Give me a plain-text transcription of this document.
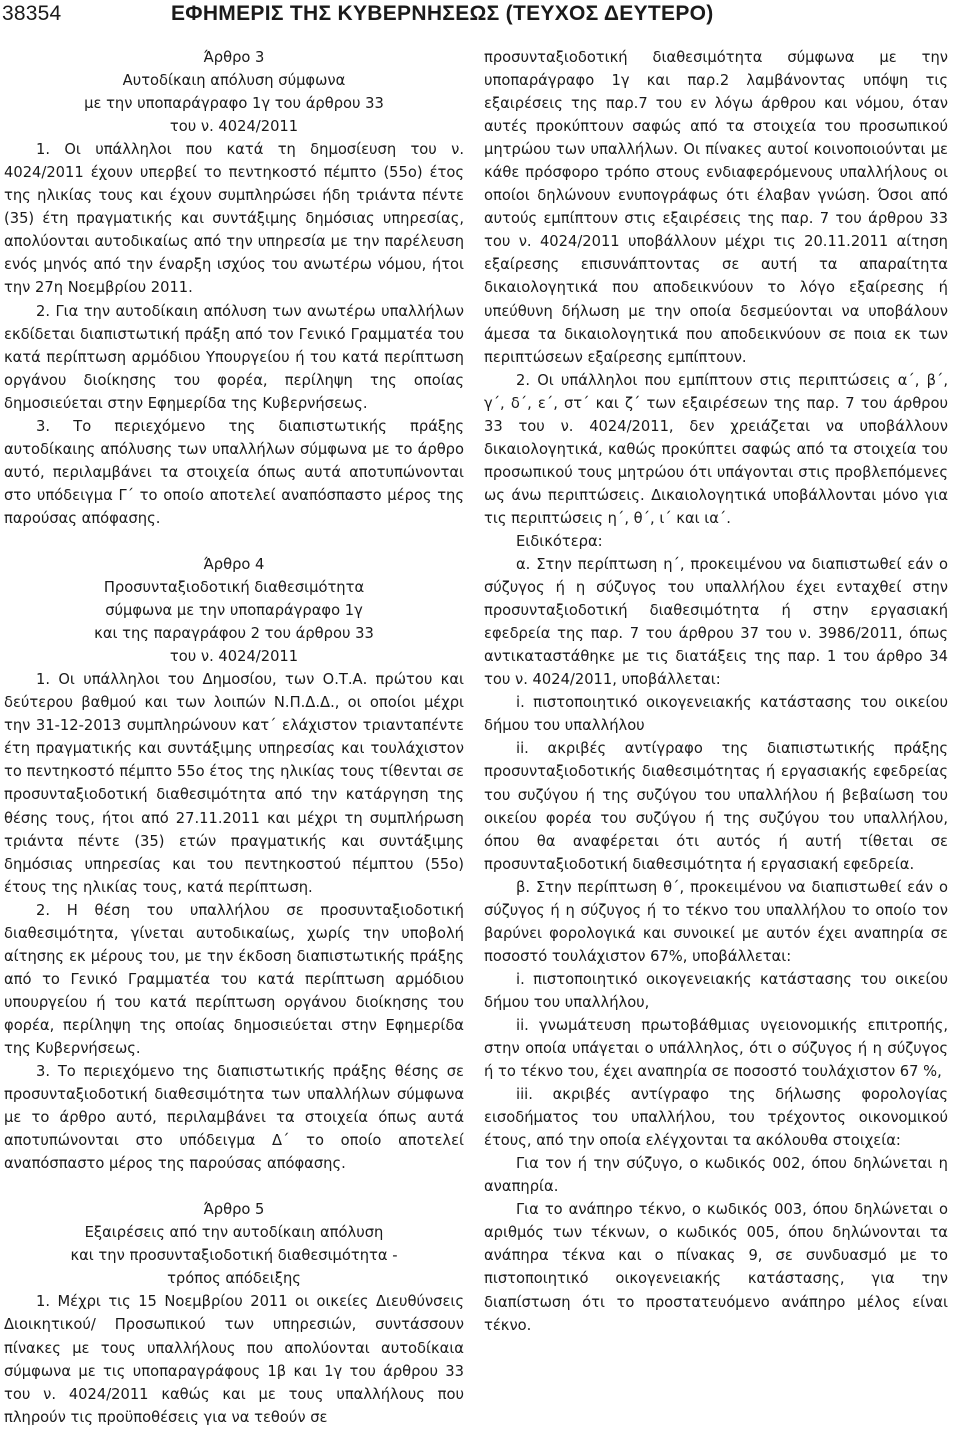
38354	ΕΦΗΜΕΡΙΣ ΤΗΣ ΚΥΒΕΡΝΗΣΕΩΣ (ΤΕΥΧΟΣ ΔΕΥΤΕΡΟ)

Άρθρο 3

Αυτοδίκαιη απόλυση σύμφωνα

με την υποπαράγραφο 1γ του άρθρου 33

του ν. 4024/2011

1. Οι υπάλληλοι που κατά τη δημοσίευση του ν. 4024/2011 έχουν υπερβεί το πεντηκοστό πέμπτο (55ο) έτος της ηλικίας τους και έχουν συμπληρώσει ήδη τριάντα πέντε (35) έτη πραγματικής και συντάξιμης δημόσιας υπηρεσίας, απολύονται αυτοδικαίως από την υπηρεσία με την παρέλευση ενός μηνός από την έναρξη ισχύος του ανωτέρω νόμου, ήτοι την 27η Νοεμβρίου 2011.

2. Για την αυτοδίκαιη απόλυση των ανωτέρω υπαλλήλων εκδίδεται διαπιστωτική πράξη από τον Γενικό Γραμματέα του κατά περίπτωση αρμόδιου Υπουργείου ή του κατά περίπτωση οργάνου διοίκησης του φορέα, περίληψη της οποίας δημοσιεύεται στην Εφημερίδα της Κυβερνήσεως.

3. Το περιεχόμενο της διαπιστωτικής πράξης αυτοδίκαιης απόλυσης των υπαλλήλων σύμφωνα με το άρθρο αυτό, περιλαμβάνει τα στοιχεία όπως αυτά αποτυπώνονται στο υπόδειγμα Γ΄ το οποίο αποτελεί αναπόσπαστο μέρος της παρούσας απόφασης.

Άρθρο 4

Προσυνταξιοδοτική διαθεσιμότητα

σύμφωνα με την υποπαράγραφο 1γ

και της παραγράφου 2 του άρθρου 33

του ν. 4024/2011

1. Οι υπάλληλοι του Δημοσίου, των Ο.Τ.Α. πρώτου και δεύτερου βαθμού και των λοιπών Ν.Π.Δ.Δ., οι οποίοι μέχρι την 31-12-2013 συμπληρώνουν κατ΄ ελάχιστον τριανταπέντε έτη πραγματικής και συντάξιμης υπηρεσίας και τουλάχιστον το πεντηκοστό πέμπτο 55ο έτος της ηλικίας τους τίθενται σε προσυνταξιοδοτική διαθεσιμότητα από την κατάργηση της θέσης τους, ήτοι από 27.11.2011 και μέχρι τη συμπλήρωση τριάντα πέντε (35) ετών πραγματικής και συντάξιμης δημόσιας υπηρεσίας και του πεντηκοστού πέμπτου (55ο) έτους της ηλικίας τους, κατά περίπτωση.

2. Η θέση του υπαλλήλου σε προσυνταξιοδοτική διαθεσιμότητα, γίνεται αυτοδικαίως, χωρίς την υποβολή αίτησης εκ μέρους του, με την έκδοση διαπιστωτικής πράξης από το Γενικό Γραμματέα του κατά περίπτωση αρμόδιου υπουργείου ή του κατά περίπτωση οργάνου διοίκησης του φορέα, περίληψη της οποίας δημοσιεύεται στην Εφημερίδα της Κυβερνήσεως.

3. Το περιεχόμενο της διαπιστωτικής πράξης θέσης σε προσυνταξιοδοτική διαθεσιμότητα των υπαλλήλων σύμφωνα με το άρθρο αυτό, περιλαμβάνει τα στοιχεία όπως αυτά αποτυπώνονται στο υπόδειγμα Δ΄ το οποίο αποτελεί αναπόσπαστο μέρος της παρούσας απόφασης.

Άρθρο 5

Εξαιρέσεις από την αυτοδίκαιη απόλυση

και την προσυνταξιοδοτική διαθεσιμότητα -

τρόπος απόδειξης

1. Μέχρι τις 15 Νοεμβρίου 2011 οι οικείες Διευθύνσεις Διοικητικού/ Προσωπικού των υπηρεσιών, συντάσσουν πίνακες με τους υπαλλήλους που απολύονται αυτοδίκαια σύμφωνα με τις υποπαραγράφους 1β και 1γ του άρθρου 33 του ν. 4024/2011 καθώς και με τους υπαλλήλους που πληρούν τις προϋποθέσεις για να τεθούν σε

προσυνταξιοδοτική διαθεσιμότητα σύμφωνα με την υποπαράγραφο 1γ και παρ.2 λαμβάνοντας υπόψη τις εξαιρέσεις της παρ.7 του εν λόγω άρθρου και νόμου, όταν αυτές προκύπτουν σαφώς από τα στοιχεία του προσωπικού μητρώου των υπαλλήλων. Οι πίνακες αυτοί κοινοποιούνται με κάθε πρόσφορο τρόπο στους ενδιαφερόμενους υπαλλήλους οι οποίοι δηλώνουν ενυπογράφως ότι έλαβαν γνώση. Όσοι από αυτούς εμπίπτουν στις εξαιρέσεις της παρ. 7 του άρθρου 33 του ν. 4024/2011 υποβάλλουν μέχρι τις 20.11.2011 αίτηση εξαίρεσης επισυνάπτοντας σε αυτή τα απαραίτητα δικαιολογητικά που αποδεικνύουν το λόγο εξαίρεσης ή υπεύθυνη δήλωση με την οποία δεσμεύονται να υποβάλουν άμεσα τα δικαιολογητικά που αποδεικνύουν σε ποια εκ των περιπτώσεων εξαίρεσης εμπίπτουν.

2. Οι υπάλληλοι που εμπίπτουν στις περιπτώσεις α΄, β΄, γ΄, δ΄, ε΄, στ΄ και ζ΄ των εξαιρέσεων της παρ. 7 του άρθρου 33 του ν. 4024/2011, δεν χρειάζεται να υποβάλλουν δικαιολογητικά, καθώς προκύπτει σαφώς από τα στοιχεία του προσωπικού τους μητρώου ότι υπάγονται στις προβλεπόμενες ως άνω περιπτώσεις. Δικαιολογητικά υποβάλλονται μόνο για τις περιπτώσεις η΄, θ΄, ι΄ και ια΄.

Ειδικότερα:

α. Στην περίπτωση η΄, προκειμένου να διαπιστωθεί εάν ο σύζυγος ή η σύζυγος του υπαλλήλου έχει ενταχθεί στην προσυνταξιοδοτική διαθεσιμότητα ή στην εργασιακή εφεδρεία της παρ. 7 του άρθρου 37 του ν. 3986/2011, όπως αντικαταστάθηκε με τις διατάξεις της παρ. 1 του άρθρο 34 του ν. 4024/2011, υποβάλλεται:

i. πιστοποιητικό οικογενειακής κατάστασης του οικείου δήμου του υπαλλήλου

ii. ακριβές αντίγραφο της διαπιστωτικής πράξης προσυνταξιοδοτικής διαθεσιμότητας ή εργασιακής εφεδρείας του συζύγου ή της συζύγου του υπαλλήλου ή βεβαίωση του οικείου φορέα του συζύγου ή της συζύγου του υπαλλήλου, όπου θα αναφέρεται ότι αυτός ή αυτή τίθεται σε προσυνταξιοδοτική διαθεσιμότητα ή εργασιακή εφεδρεία.

β. Στην περίπτωση θ΄, προκειμένου να διαπιστωθεί εάν ο σύζυγος ή η σύζυγος ή το τέκνο του υπαλλήλου το οποίο τον βαρύνει φορολογικά και συνοικεί με αυτόν έχει αναπηρία σε ποσοστό τουλάχιστον 67%, υποβάλλεται:

i. πιστοποιητικό οικογενειακής κατάστασης του οικείου δήμου του υπαλλήλου,

ii. γνωμάτευση πρωτοβάθμιας υγειονομικής επιτροπής, στην οποία υπάγεται ο υπάλληλος, ότι ο σύζυγος ή η σύζυγος ή το τέκνο του, έχει αναπηρία σε ποσοστό τουλάχιστον 67 %,

iii. ακριβές αντίγραφο της δήλωσης φορολογίας εισοδήματος του υπαλλήλου, του τρέχοντος οικονομικού έτους, από την οποία ελέγχονται τα ακόλουθα στοιχεία:

Για τον ή την σύζυγο, ο κωδικός 002, όπου δηλώνεται η αναπηρία.

Για το ανάπηρο τέκνο, ο κωδικός 003, όπου δηλώνεται ο αριθμός των τέκνων, ο κωδικός 005, όπου δηλώνονται τα ανάπηρα τέκνα και ο πίνακας 9, σε συνδυασμό με το πιστοποιητικό οικογενειακής κατάστασης, για την διαπίστωση ότι το προστατευόμενο ανάπηρο μέλος είναι τέκνο.
